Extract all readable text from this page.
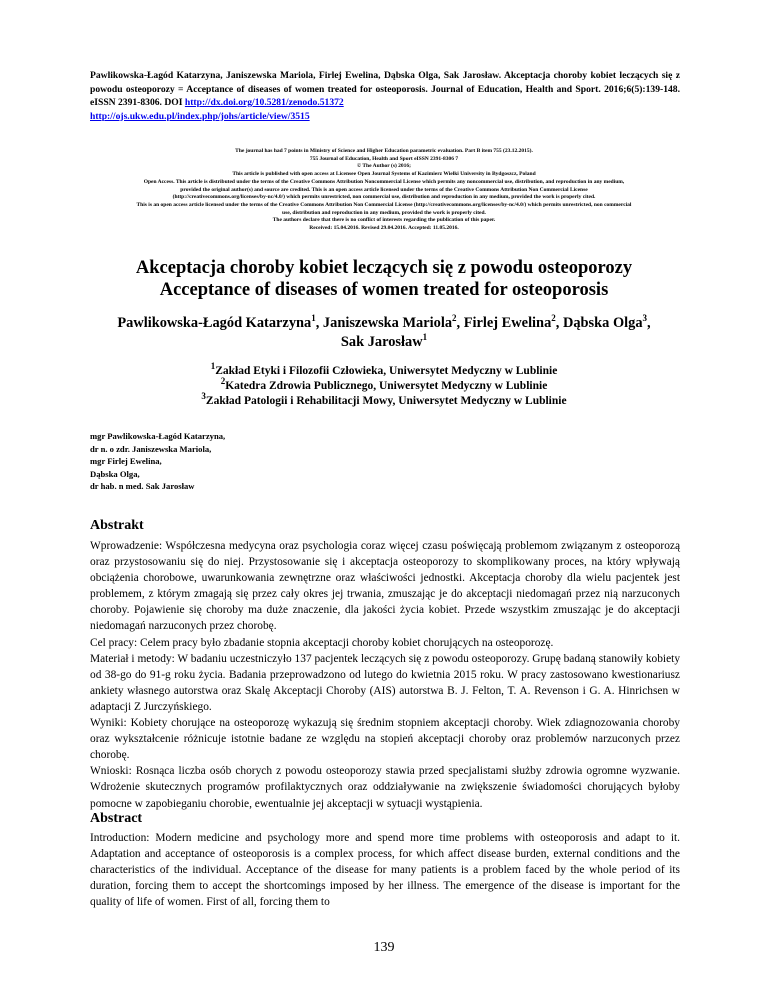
Pawlikowska-Łagód Katarzyna, Janiszewska Mariola, Firlej Ewelina, Dąbska Olga, Sak Jarosław. Akceptacja choroby kobiet leczących się z powodu osteoporozy = Acceptance of diseases of women treated for osteoporosis. Journal of Education, Health and Sport. 2016;6(5):139-148. eISSN 2391-8306. DOI http://dx.doi.org/10.5281/zenodo.51372
http://ojs.ukw.edu.pl/index.php/johs/article/view/3515
The journal has had 7 points in Ministry of Science and Higher Education parametric evaluation. Part B item 755 (23.12.2015).
755 Journal of Education, Health and Sport eISSN 2391-8306 7
© The Author (s) 2016;
This article is published with open access at Licensee Open Journal Systems of Kazimierz Wielki University in Bydgoszcz, Poland
Open Access. This article is distributed under the terms of the Creative Commons Attribution Noncommercial License which permits any noncommercial use, distribution, and reproduction in any medium,
provided the original author(s) and source are credited. This is an open access article licensed under the terms of the Creative Commons Attribution Non Commercial License
(http://creativecommons.org/licenses/by-nc/4.0/) which permits unrestricted, non commercial use, distribution and reproduction in any medium, provided the work is properly cited.
This is an open access article licensed under the terms of the Creative Commons Attribution Non Commercial License (http://creativecommons.org/licenses/by-nc/4.0/) which permits unrestricted, non commercial
use, distribution and reproduction in any medium, provided the work is properly cited.
The authors declare that there is no conflict of interests regarding the publication of this paper.
Received: 15.04.2016. Revised 29.04.2016. Accepted: 11.05.2016.
Akceptacja choroby kobiet leczących się z powodu osteoporozy
Acceptance of diseases of women treated for osteoporosis
Pawlikowska-Łagód Katarzyna$^1$, Janiszewska Mariola$^2$, Firlej Ewelina$^2$, Dąbska Olga$^3$,
Sak Jarosław$^1$
$^1$Zakład Etyki i Filozofii Człowieka, Uniwersytet Medyczny w Lublinie
$^2$Katedra Zdrowia Publicznego, Uniwersytet Medyczny w Lublinie
$^3$Zakład Patologii i Rehabilitacji Mowy, Uniwersytet Medyczny w Lublinie
mgr Pawlikowska-Łagód Katarzyna,
dr n. o zdr. Janiszewska Mariola,
mgr Firlej Ewelina,
Dąbska Olga,
dr hab. n med. Sak Jarosław
Abstrakt

Wprowadzenie: Współczesna medycyna oraz psychologia coraz więcej czasu poświęcają problemom związanym z osteoporozą oraz przystosowaniu się do niej. Przystosowanie się i akceptacja osteoporozy to skomplikowany proces, na który wpływają obciążenia chorobowe, uwarunkowania zewnętrzne oraz właściwości jednostki. Akceptacja choroby dla wielu pacjentek jest problemem, z którym zmagają się przez cały okres jej trwania, zmuszając je do akceptacji niedomagań przez nią narzuconych choroby. Pojawienie się choroby ma duże znaczenie, dla jakości życia kobiet. Przede wszystkim zmuszając je do akceptacji niedomagań narzuconych przez chorobę.

Cel pracy: Celem pracy było zbadanie stopnia akceptacji choroby kobiet chorujących na osteoporozę.

Materiał i metody: W badaniu uczestniczyło 137 pacjentek leczących się z powodu osteoporozy. Grupę badaną stanowiły kobiety od 38-go do 91-g roku życia. Badania przeprowadzono od lutego do kwietnia 2015 roku. W pracy zastosowano kwestionariusz ankiety własnego autorstwa oraz Skalę Akceptacji Choroby (AIS) autorstwa B. J. Felton, T. A. Revenson i G. A. Hinrichsen w adaptacji Z Jurczyńskiego.

Wyniki: Kobiety chorujące na osteoporozę wykazują się średnim stopniem akceptacji choroby. Wiek zdiagnozowania choroby oraz wykształcenie różnicuje istotnie badane ze względu na stopień akceptacji choroby oraz problemów narzuconych przez chorobę.

Wnioski: Rosnąca liczba osób chorych z powodu osteoporozy stawia przed specjalistami służby zdrowia ogromne wyzwanie. Wdrożenie skutecznych programów profilaktycznych oraz oddziaływanie na zwiększenie świadomości chorujących byłoby pomocne w zapobieganiu chorobie, ewentualnie jej akceptacji w sytuacji wystąpienia.

Abstract

Introduction: Modern medicine and psychology more and spend more time problems with osteoporosis and adapt to it. Adaptation and acceptance of osteoporosis is a complex process, for which affect disease burden, external conditions and the characteristics of the individual. Acceptance of the disease for many patients is a problem faced by the whole period of its duration, forcing them to accept the shortcomings imposed by her illness. The emergence of the disease is important for the quality of life of women. First of all, forcing them to

139
